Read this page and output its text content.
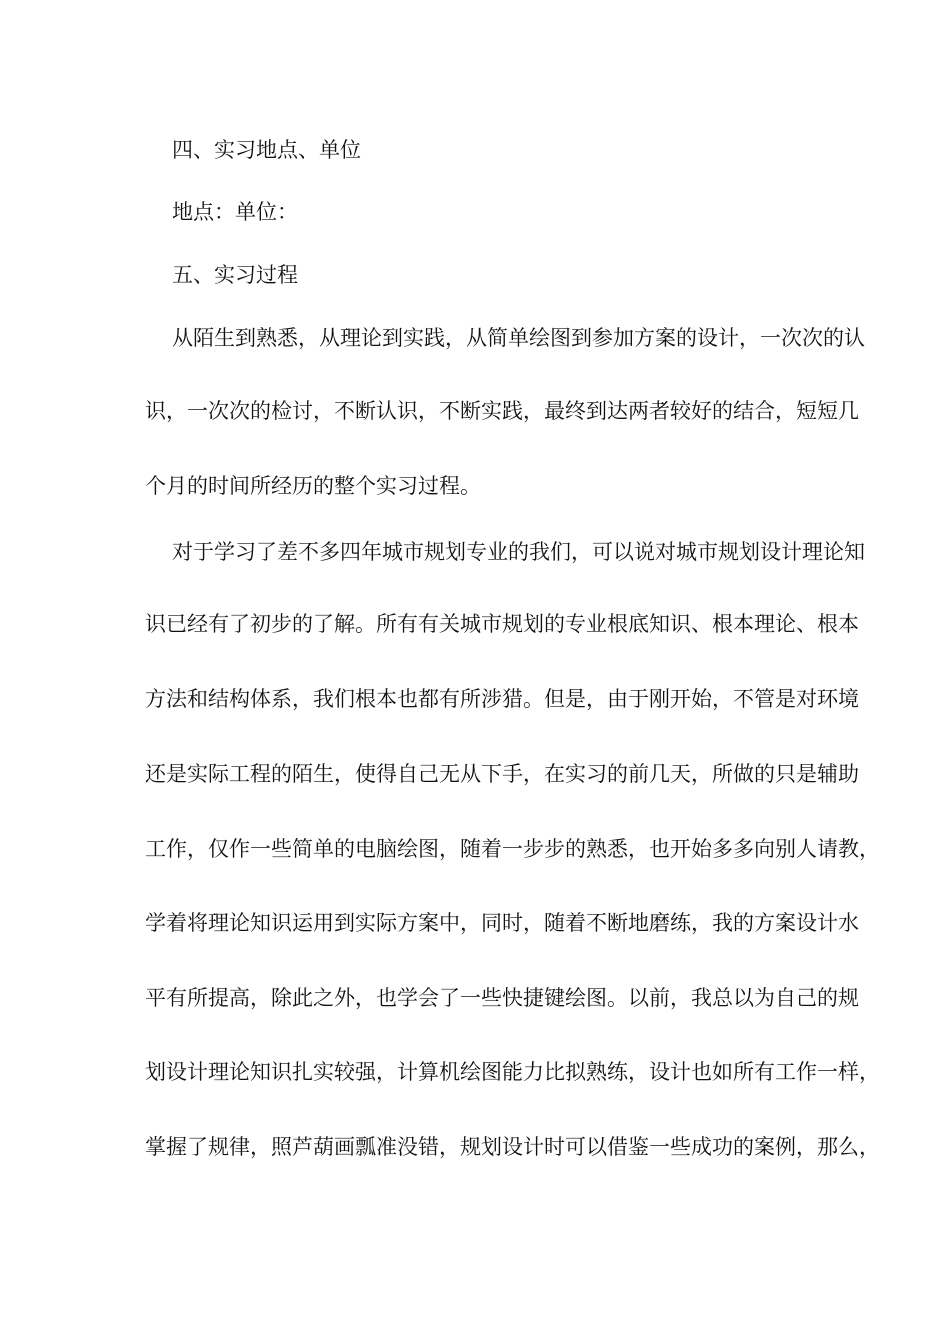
四、实习地点、单位
地点：单位：
五、实习过程
从陌生到熟悉，从理论到实践，从简单绘图到参加方案的设计，一次次的认
识，一次次的检讨，不断认识，不断实践，最终到达两者较好的结合，短短几
个月的时间所经历的整个实习过程。
对于学习了差不多四年城市规划专业的我们，可以说对城市规划设计理论知
识已经有了初步的了解。所有有关城市规划的专业根底知识、根本理论、根本
方法和结构体系，我们根本也都有所涉猎。但是，由于刚开始，不管是对环境
还是实际工程的陌生，使得自己无从下手，在实习的前几天，所做的只是辅助
工作，仅作一些简单的电脑绘图，随着一步步的熟悉，也开始多多向别人请教，
学着将理论知识运用到实际方案中，同时，随着不断地磨练，我的方案设计水
平有所提高，除此之外，也学会了一些快捷键绘图。以前，我总以为自己的规
划设计理论知识扎实较强，计算机绘图能力比拟熟练，设计也如所有工作一样，
掌握了规律，照芦葫画瓢准没错，规划设计时可以借鉴一些成功的案例，那么，
